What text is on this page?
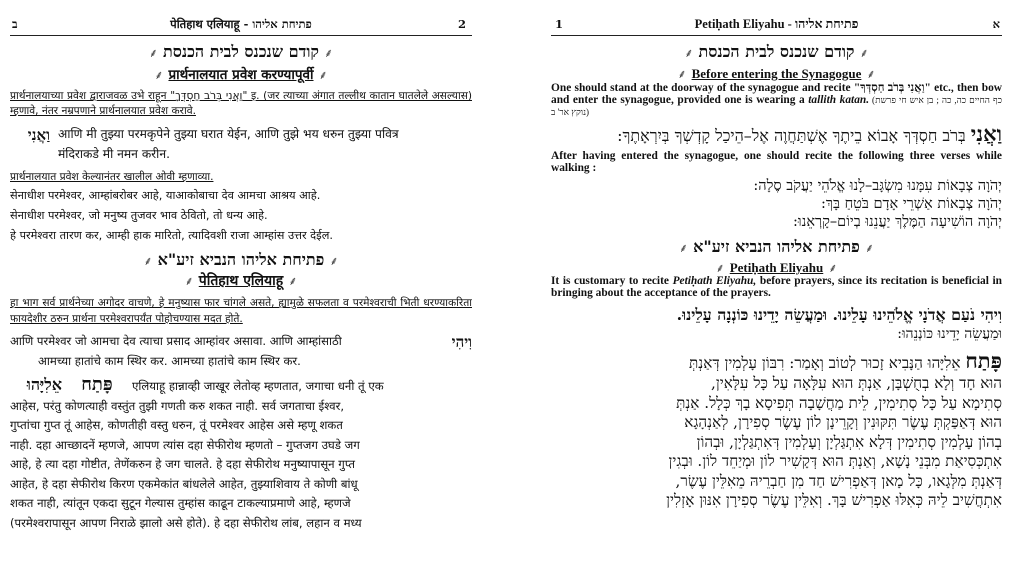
ב	पेतिहाथ एलियाहू - פתיחת אליהו	2
⸙ קודם שנכנס לבית הכנסת ⸙
⸙ प्रार्थनालयात प्रवेश करण्यापूर्वी ⸙

प्रार्थनालयाच्या प्रवेश द्वाराजवळ उभे राहून "וַאֲנִי בְּרֹב חַסְדְּךָ" इ. (जर त्याच्या अंगात तल्लीथ कातान घातलेले असल्यास) म्हणावे, नंतर नम्रपणाने प्रार्थनालयात प्रवेश करावे.

וַאֲנִי आणि मी तुझ्या परमकृपेने तुझ्या घरात येईन, आणि तुझे भय धरुन तुझ्या पवित्र
मंदिराकडे मी नमन करीन.

प्रार्थनालयात प्रवेश केल्यानंतर खालील ओवी म्हणाव्या.

सेनाधीश परमेश्वर, आम्हांबरोबर आहे, याआकोबाचा देव आमचा आश्रय आहे.
सेनाधीश परमेश्वर, जो मनुष्य तुजवर भाव ठेवितो, तो धन्य आहे.
हे परमेश्वरा तारण कर, आम्ही हाक मारितो, त्यादिवशी राजा आम्हांस उत्तर देईल.
⸙ פתיחת אליהו הנביא זיע"א ⸙
⸙ पेतिहाथ एलियाहू ⸙

हा भाग सर्व प्रार्थनेच्या अगोदर वाचणे, हे मनुष्यास फार चांगले असते, ह्यामुळे सफलता व परमेश्वराची भिती धरण्याकरिता फायदेशीर ठरुन प्रार्थना परमेश्वरापर्यंत पोहोचण्यास मदत होते.

आणि परमेश्वर जो आमचा देव त्याचा प्रसाद आम्हांवर असावा. आणि आम्हांसाठी
आमच्या हातांचे काम स्थिर कर. आमच्या हातांचे काम स्थिर कर.
וִיהִי
אֵלִיָּהוּ	פָּתַח	एलियाहू हान्नाव्ही जाखूर लेतोव्ह म्हणतात, जगाचा धनी तूं एक
आहेस, परंतु कोणत्याही वस्तुंत तुझी गणती करु शकत नाही. सर्व जगताचा ईश्वर,
गुप्तांचा गुप्त तूं आहेस, कोणतीही वस्तु धरुन, तूं परमेश्वर आहेस असे म्हणू शकत
नाही. दहा आच्छादनें म्हणजे, आपण त्यांस दहा सेफीरोथ म्हणतो – गुप्तजग उघडे जग
आहे, हे त्या दहा गोष्टीत, तेणेंकरुन हे जग चालते. हे दहा सेफीरोथ मनुष्यापासून गुप्त
आहेत, हे दहा सेफीरोथ किरण एकमेकांत बांधलेले आहेत, तुझ्याशिवाय ते कोणी बांधू
शकत नाही, त्यांतून एकदा सुटून गेल्यास तुम्हांस काढून टाकल्याप्रमाणे आहे, म्हणजे
(परमेश्वरापासून आपण निराळे झालो असे होते). हे दहा सेफीरोथ लांब, लहान व मध्य
1	Petiḥath Eliyahu - פתיחת אליהו	א
⸙ קודם שנכנס לבית הכנסת ⸙
⸙ Before entering the Synagogue ⸙

One should stand at the doorway of the synagogue and recite "וַאֲנִי בְּרֹב חַסְדְּךָ" etc., then bow and enter the synagogue, provided one is wearing a tallith katan. (כף החיים כה, כה ; בן איש חי פרשת נוקץ אר' ב)

וַאֲנִי בְּרֹב חַסְדְּךָ אָבוֹא בֵיתֶךָ אֶשְׁתַּחֲוֶה אֶל–הֵיכַל קָדְשְׁךָ בְּיִרְאָתֶךָ:

After having entered the synagogue, one should recite the following three verses while walking :

יְהֹוָה צְבָאוֹת עִמָּנוּ מִשְׂגָּב–לָנוּ אֱלֹהֵי יַעֲקֹב סֶלָה:
יְהֹוָה צְבָאוֹת אַשְׁרֵי אָדָם בֹּטֵחַ בָּךְ:
יְהֹוָה הוֹשִׁיעָה הַמֶּלֶךְ יַעֲנֵנוּ בְיוֹם–קָרְאֵנוּ:
⸙ פתיחת אליהו הנביא זיע"א ⸙
⸙ Petiḥath Eliyahu ⸙

It is customary to recite Petiḥath Eliyahu, before prayers, since its recitation is beneficial in bringing about the acceptance of the prayers.

וִיהִי נֹעַם אֲדֹנָי אֱלֹהֵינוּ עָלֵינוּ. וּמַעֲשֵׂה יָדֵינוּ כּוֹנְנָה עָלֵינוּ.
וּמַעֲשֵׂה יָדֵינוּ כּוֹנְנֵהוּ:
פָּתַח אֵלִיָּהוּ הַנָּבִיא זָכוּר לְטוֹב וְאָמַר: רִבּוֹן עָלְמִין דְּאַנְתְּ
הוּא חָד וְלָא בְחֻשְׁבָּן, אַנְתְּ הוּא עִלָּאָה עַל כָּל עִלָּאִין,
סְתִימָא עַל כָּל סְתִימִין, לֵית מַחֲשָׁבָה תְּפִיסָא בָךְ כְּלָל. אַנְתְּ
הוּא דְּאַפַּקְתְּ עֶשֶׂר תִּקּוּנִין וְקָרֵינָן לוֹן עֶשֶׂר סְפִירָן, לְאַנְהָגָא
בְהוֹן עָלְמִין סְתִימִין דְּלָא אִתְגַּלְיָן וְעָלְמִין דְּאִתְגַּלְיָן, וּבְהוֹן
אִתְכְּסִיאַת מִבְּנֵי נָשָׁא, וְאַנְתְּ הוּא דְּקָשִׁיר לוֹן וּמְיַחֵד לוֹן. וּבְגִין
דְּאַנְתְּ מִלְּגָאו, כָּל מָאן דְּאַפְרִישׁ חַד מִן חַבְרֵיהּ מֵאִלֵּין עֶשֶׂר,
אִתְחֲשִׁיב לֵיהּ כְּאִלּוּ אַפְרִישׁ בָּךְ. וְאִלֵּין עֶשֶׂר סְפִירָן אִנּוּן אָזְלִין
